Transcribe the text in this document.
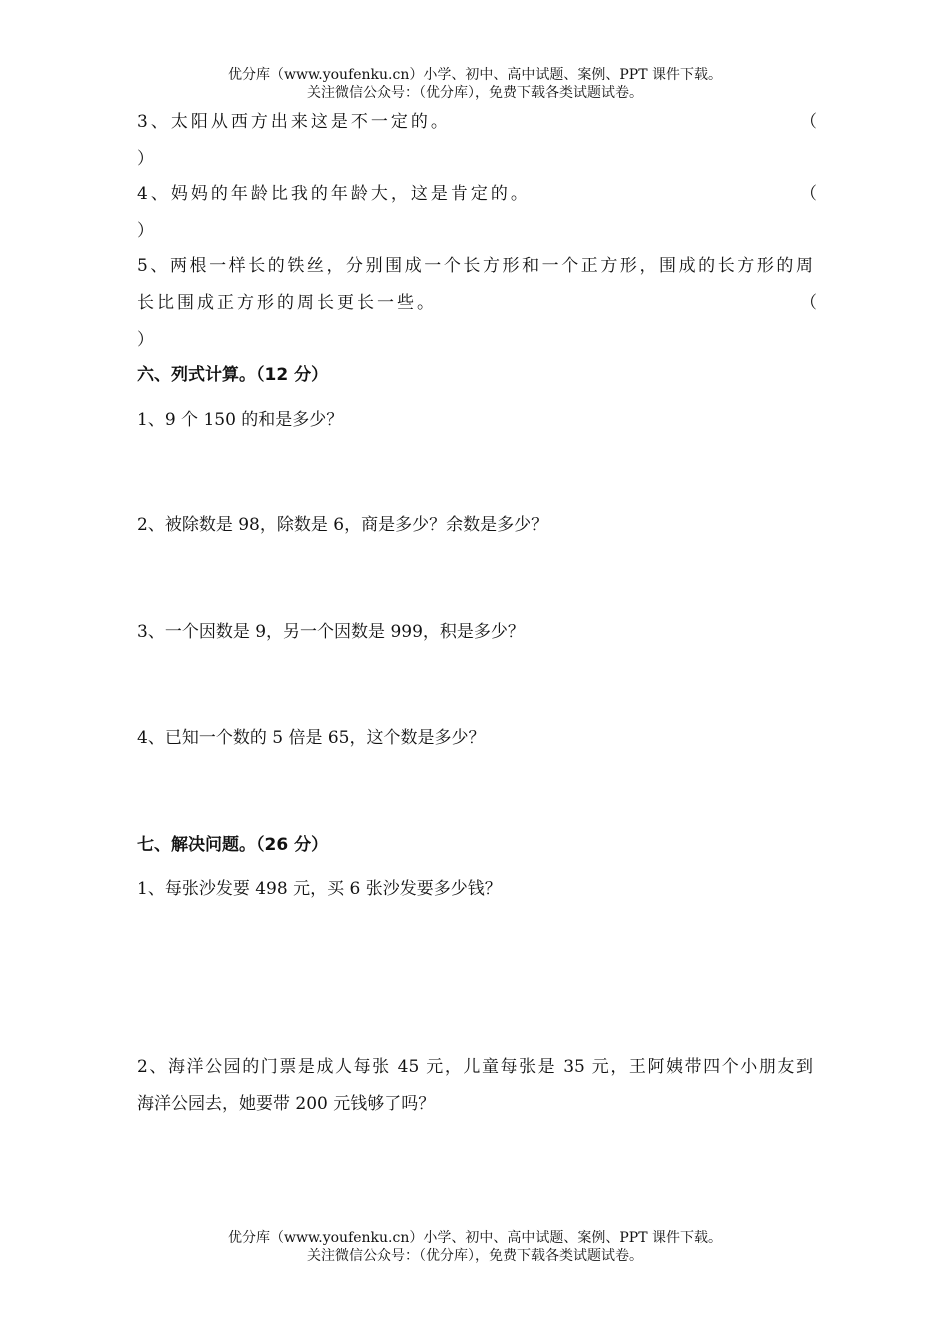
优分库（www.youfenku.cn）小学、初中、高中试题、案例、PPT 课件下载。
关注微信公众号：（优分库），免费下载各类试题试卷。
3、太阳从西方出来这是不一定的。	（
）
4、妈妈的年龄比我的年龄大，这是肯定的。	（
）
5、两根一样长的铁丝，分别围成一个长方形和一个正方形，围成的长方形的周
长比围成正方形的周长更长一些。	（
）
六、列式计算。（12 分）
1、9 个 150 的和是多少？
2、被除数是 98，除数是 6，商是多少？余数是多少？
3、一个因数是 9，另一个因数是 999，积是多少？
4、已知一个数的 5 倍是 65，这个数是多少？
七、解决问题。（26 分）
1、每张沙发要 498 元，买 6 张沙发要多少钱？
2、海洋公园的门票是成人每张 45 元，儿童每张是 35 元，王阿姨带四个小朋友到
海洋公园去，她要带 200 元钱够了吗？
优分库（www.youfenku.cn）小学、初中、高中试题、案例、PPT 课件下载。
关注微信公众号：（优分库），免费下载各类试题试卷。
